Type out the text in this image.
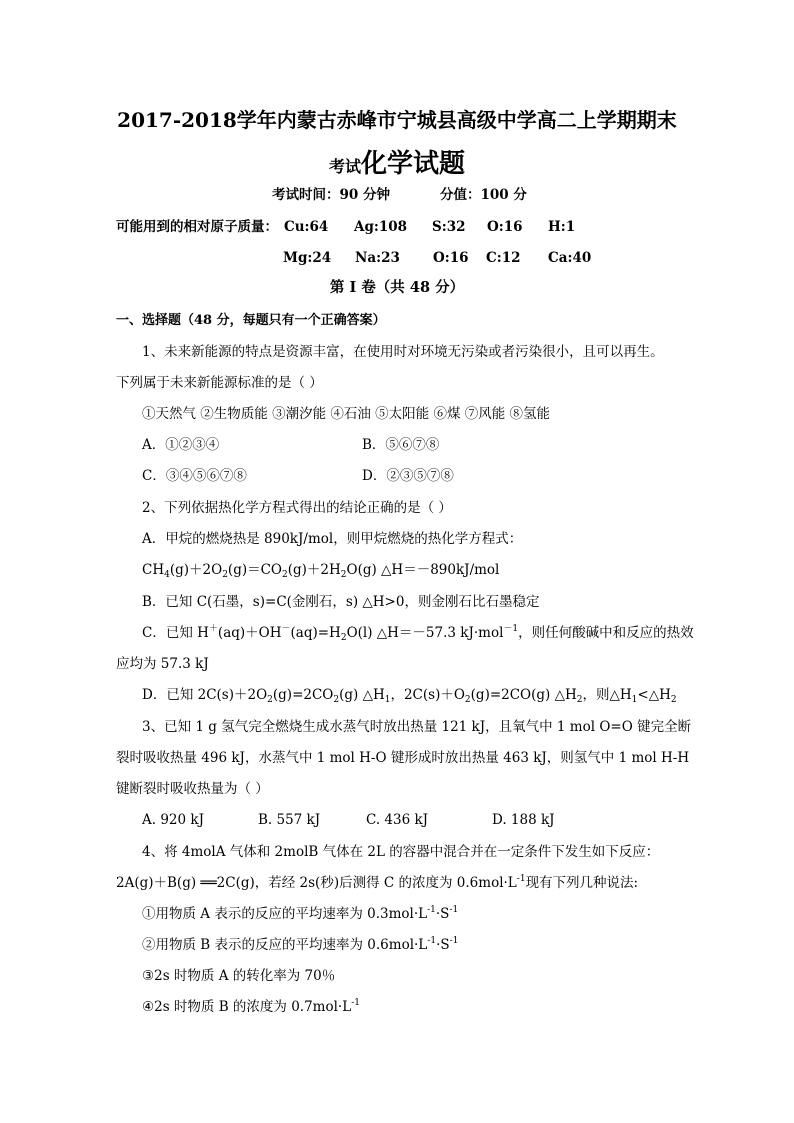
2017-2018学年内蒙古赤峰市宁城县高级中学高二上学期期末
考试化学试题
考试时间：90 分钟	分值：100 分
可能用到的相对原子质量： Cu:64 Ag:108 S:32 O:16 H:1
Mg:24 Na:23 O:16 C:12 Ca:40
第 I 卷（共 48 分）
一、选择题（48 分，每题只有一个正确答案）
1、未来新能源的特点是资源丰富，在使用时对环境无污染或者污染很小，且可以再生。
下列属于未来新能源标准的是（ ）
①天然气 ②生物质能 ③潮汐能 ④石油 ⑤太阳能 ⑥煤 ⑦风能 ⑧氢能
A．①②③④	B．⑤⑥⑦⑧
C．③④⑤⑥⑦⑧	D．②③⑤⑦⑧
2、下列依据热化学方程式得出的结论正确的是（ ）
A．甲烷的燃烧热是 890kJ/mol，则甲烷燃烧的热化学方程式：
$CH_4(g)+2O_2(g)=CO_2(g)+2H_2O(g)$ △H＝－890kJ/mol
B．已知 C(石墨，s)=C(金刚石，s) △H>0，则金刚石比石墨稳定
C．已知 $H^+(aq)+OH^-(aq)=H_2O(l)$ △H＝－57.3 kJ·mol$^{-1}$，则任何酸碱中和反应的热效
应均为 57.3 kJ
D．已知 $2C(s)+2O_2(g)=2CO_2(g)$ $\triangle H_1$，$2C(s)+O_2(g)=2CO(g)$ $\triangle H_2$，则$\triangle H_1<\triangle H_2$
3、已知 1 g 氢气完全燃烧生成水蒸气时放出热量 121 kJ，且氧气中 1 mol O=O 键完全断
裂时吸收热量 496 kJ，水蒸气中 1 mol H-O 键形成时放出热量 463 kJ，则氢气中 1 mol H-H
键断裂时吸收热量为（ ）
A. 920 kJ	B. 557 kJ	C. 436 kJ	D. 188 kJ
4、将 4molA 气体和 2molB 气体在 2L 的容器中混合并在一定条件下发生如下反应：
2A(g)＋B(g) ══2C(g)，若经 2s(秒)后测得 C 的浓度为 $0.6mol\cdot L^{-1}$现有下列几种说法:
①用物质 A 表示的反应的平均速率为 $0.3mol\cdot L^{-1}\cdot S^{-1}$
②用物质 B 表示的反应的平均速率为 $0.6mol\cdot L^{-1}\cdot S^{-1}$
③2s 时物质 A 的转化率为 70％
④2s 时物质 B 的浓度为 $0.7mol\cdot L^{-1}$
